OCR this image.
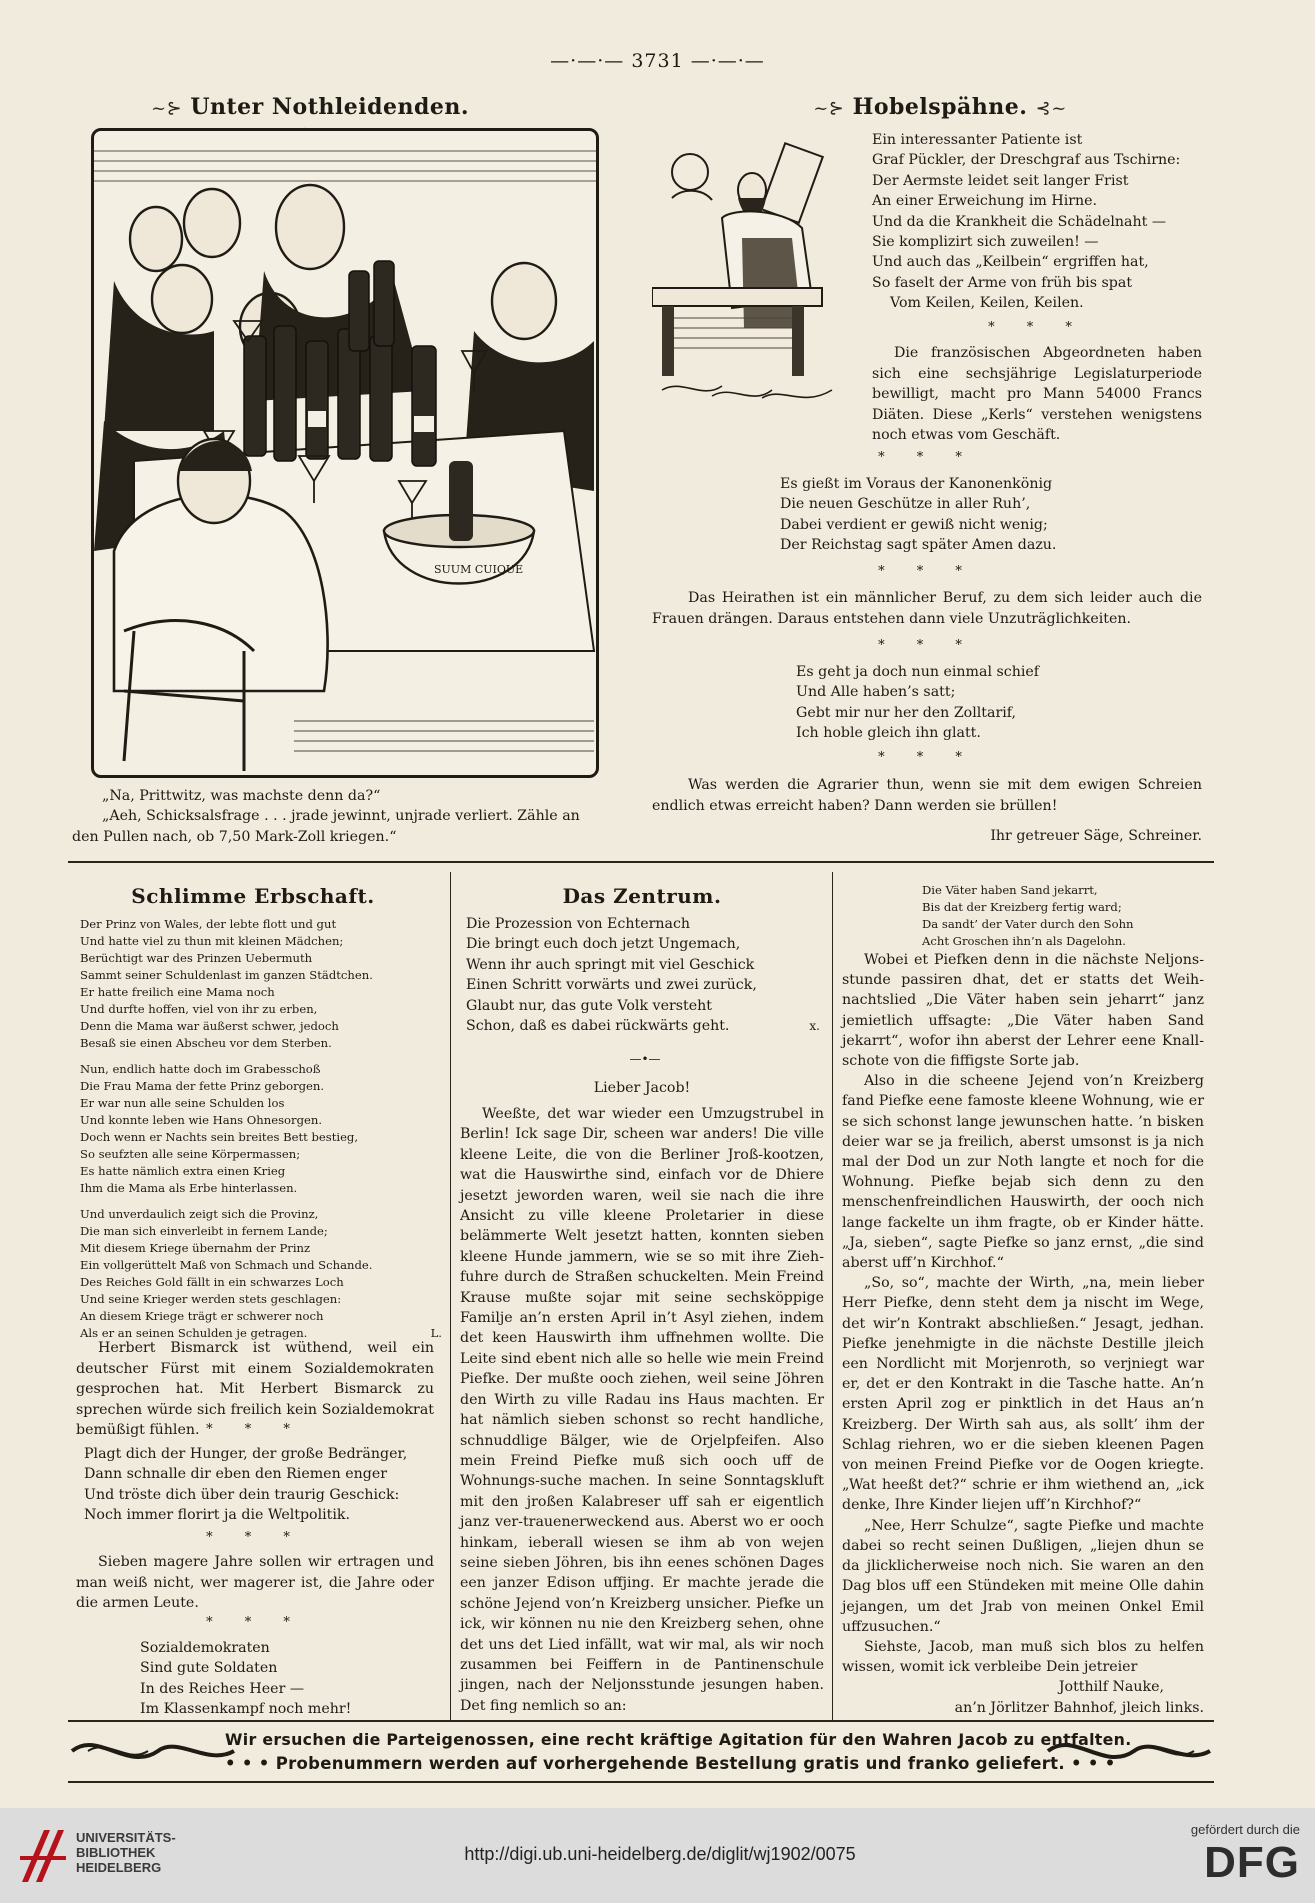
—·—·— 3731 —·—·—
~⊱ Unter Nothleidenden.
SUUM CUIQUE
„Na, Prittwitz, was machste denn da?“
„Aeh, Schicksalsfrage . . . jrade jewinnt, unjrade verliert. Zähle an
den Pullen nach, ob 7,50 Mark-Zoll kriegen.“
~⊱ Hobelspähne. ⊰~
Ein interessanter Patiente ist
Graf Pückler, der Dreschgraf aus Tschirne:
Der Aermste leidet seit langer Frist
An einer Erweichung im Hirne.
Und da die Krankheit die Schädelnaht —
Sie komplizirt sich zuweilen! —
Und auch das „Keilbein“ ergriffen hat,
So faselt der Arme von früh bis spat
Vom Keilen, Keilen, Keilen.
* * *

Die französischen Abgeordneten haben sich eine sechsjährige Legislaturperiode bewilligt, macht pro Mann 54000 Francs Diäten. Diese „Kerls“ verstehen wenigstens noch etwas vom Geschäft.

* * *
Es gießt im Voraus der Kanonenkönig
Die neuen Geschütze in aller Ruh’,
Dabei verdient er gewiß nicht wenig;
Der Reichstag sagt später Amen dazu.
* * *

Das Heirathen ist ein männlicher Beruf, zu dem sich leider auch die Frauen drängen. Daraus entstehen dann viele Unzuträglichkeiten.

* * *
Es geht ja doch nun einmal schief
Und Alle haben’s satt;
Gebt mir nur her den Zolltarif,
Ich hoble gleich ihn glatt.
* * *

Was werden die Agrarier thun, wenn sie mit dem ewigen Schreien endlich etwas erreicht haben? Dann werden sie brüllen!

Ihr getreuer Säge, Schreiner.
Schlimme Erbschaft.
Der Prinz von Wales, der lebte flott und gut
Und hatte viel zu thun mit kleinen Mädchen;
Berüchtigt war des Prinzen Uebermuth
Sammt seiner Schuldenlast im ganzen Städtchen.
Er hatte freilich eine Mama noch
Und durfte hoffen, viel von ihr zu erben,
Denn die Mama war äußerst schwer, jedoch
Besaß sie einen Abscheu vor dem Sterben.
Nun, endlich hatte doch im Grabesschoß
Die Frau Mama der fette Prinz geborgen.
Er war nun alle seine Schulden los
Und konnte leben wie Hans Ohnesorgen.
Doch wenn er Nachts sein breites Bett bestieg,
So seufzten alle seine Körpermassen;
Es hatte nämlich extra einen Krieg
Ihm die Mama als Erbe hinterlassen.
Und unverdaulich zeigt sich die Provinz,
Die man sich einverleibt in fernem Lande;
Mit diesem Kriege übernahm der Prinz
Ein vollgerüttelt Maß von Schmach und Schande.
Des Reiches Gold fällt in ein schwarzes Loch
Und seine Krieger werden stets geschlagen:
An diesem Kriege trägt er schwerer noch
Als er an seinen Schulden je getragen.	L.

Herbert Bismarck ist wüthend, weil ein deutscher Fürst mit einem Sozialdemokraten gesprochen hat. Mit Herbert Bismarck zu sprechen würde sich freilich kein Sozialdemokrat bemüßigt fühlen. * * *
Plagt dich der Hunger, der große Bedränger,
Dann schnalle dir eben den Riemen enger
Und tröste dich über dein traurig Geschick:
Noch immer florirt ja die Weltpolitik.
* * *

Sieben magere Jahre sollen wir ertragen und man weiß nicht, wer magerer ist, die Jahre oder die armen Leute.

* * *
Sozialdemokraten
Sind gute Soldaten
In des Reiches Heer —
Im Klassenkampf noch mehr!
Das Zentrum.
Die Prozession von Echternach
Die bringt euch doch jetzt Ungemach,
Wenn ihr auch springt mit viel Geschick
Einen Schritt vorwärts und zwei zurück,
Glaubt nur, das gute Volk versteht
Schon, daß es dabei rückwärts geht.	x.
—•—
Lieber Jacob!

Weeßte, det war wieder een Umzugstrubel in Berlin! Ick sage Dir, scheen war anders! Die ville kleene Leite, die von die Berliner Jroß-kootzen, wat die Hauswirthe sind, einfach vor de Dhiere jesetzt jeworden waren, weil sie nach die ihre Ansicht zu ville kleene Proletarier in diese belämmerte Welt jesetzt hatten, konnten sieben kleene Hunde jammern, wie se so mit ihre Zieh-fuhre durch de Straßen schuckelten. Mein Freind Krause mußte sojar mit seine sechsköppige Familje an’n ersten April in’t Asyl ziehen, indem det keen Hauswirth ihm uffnehmen wollte. Die Leite sind ebent nich alle so helle wie mein Freind Piefke. Der mußte ooch ziehen, weil seine Jöhren den Wirth zu ville Radau ins Haus machten. Er hat nämlich sieben schonst so recht handliche, schnuddlige Bälger, wie de Orjelpfeifen. Also mein Freind Piefke muß sich ooch uff de Wohnungs-suche machen. In seine Sonntagskluft mit den jroßen Kalabreser uff sah er eigentlich janz ver-trauenerweckend aus. Aberst wo er ooch hinkam, ieberall wiesen se ihm ab von wejen seine sieben Jöhren, bis ihn eenes schönen Dages een janzer Edison uffjing. Er machte jerade die schöne Jejend von’n Kreizberg unsicher. Piefke un ick, wir können nu nie den Kreizberg sehen, ohne det uns det Lied infällt, wat wir mal, als wir noch zusammen bei Feiffern in de Pantinenschule jingen, nach der Neljonsstunde jesungen haben. Det fing nemlich so an:

Die Väter haben Sand jekarrt,
Bis dat der Kreizberg fertig ward;
Da sandt’ der Vater durch den Sohn
Acht Groschen ihn’n als Dagelohn.

Wobei et Piefken denn in die nächste Neljons-stunde passiren dhat, det er statts det Weih-nachtslied „Die Väter haben sein jeharrt“ janz jemietlich uffsagte: „Die Väter haben Sand jekarrt“, wofor ihn aberst der Lehrer eene Knall-schote von die fiffigste Sorte jab.

Also in die scheene Jejend von’n Kreizberg fand Piefke eene famoste kleene Wohnung, wie er se sich schonst lange jewunschen hatte. ’n bisken deier war se ja freilich, aberst umsonst is ja nich mal der Dod un zur Noth langte et noch for die Wohnung. Piefke bejab sich denn zu den menschenfreindlichen Hauswirth, der ooch nich lange fackelte un ihm fragte, ob er Kinder hätte. „Ja, sieben“, sagte Piefke so janz ernst, „die sind aberst uff’n Kirchhof.“

„So, so“, machte der Wirth, „na, mein lieber Herr Piefke, denn steht dem ja nischt im Wege, det wir’n Kontrakt abschließen.“ Jesagt, jedhan. Piefke jenehmigte in die nächste Destille jleich een Nordlicht mit Morjenroth, so verjniegt war er, det er den Kontrakt in die Tasche hatte. An’n ersten April zog er pinktlich in det Haus an’n Kreizberg. Der Wirth sah aus, als sollt’ ihm der Schlag riehren, wo er die sieben kleenen Pagen von meinen Freind Piefke vor de Oogen kriegte. „Wat heeßt det?“ schrie er ihm wiethend an, „ick denke, Ihre Kinder liejen uff’n Kirchhof?“

„Nee, Herr Schulze“, sagte Piefke und machte dabei so recht seinen Dußligen, „liejen dhun se da jlicklicherweise noch nich. Sie waren an den Dag blos uff een Stündeken mit meine Olle dahin jejangen, um det Jrab von meinen Onkel Emil uffzusuchen.“

Siehste, Jacob, man muß sich blos zu helfen wissen, womit ick verbleibe Dein jetreier

Jotthilf Nauke,
an’n Jörlitzer Bahnhof, jleich links.
Wir ersuchen die Parteigenossen, eine recht kräftige Agitation für den Wahren Jacob zu entfalten.
• • • Probenummern werden auf vorhergehende Bestellung gratis und franko geliefert. • • •
UNIVERSITÄTS-
BIBLIOTHEK
HEIDELBERG
http://digi.ub.uni-heidelberg.de/diglit/wj1902/0075
gefördert durch die
DFG
